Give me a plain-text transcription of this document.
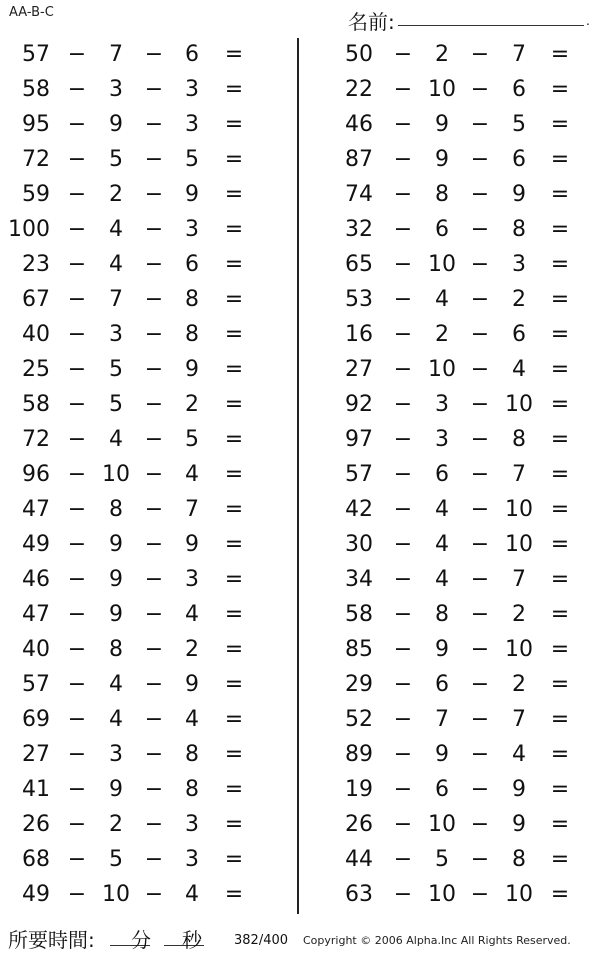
AA-B-C	名前:	.
57 −	7 − 6	=
58 −	3 − 3	=
95 −	9 − 3	=
72 −	5 − 5	=
59 −	2 − 9	=
100 −	4 − 3	=
23 −	4 − 6	=
67 −	7 − 8	=
40 −	3 − 8	=
25 −	5 − 9	=
58 −	5 − 2	=
72 −	4 − 5	=
96 − 10 − 4	=
47 −	8 − 7	=
49 −	9 − 9	=
46 −	9 − 3	=
47 −	9 − 4	=
40 −	8 − 2	=
57 −	4 − 9	=
69 −	4 − 4	=
27 −	3 − 8	=
41 −	9 − 8	=
26 −	2 − 3	=
68 −	5 − 3	=
49 − 10 − 4	=
50 −	2 −	7	=
22 − 10 −	6	=
46 −	9 −	5	=
87 −	9 −	6	=
74 −	8 −	9	=
32 −	6 −	8	=
65 − 10 −	3	=
53 −	4 −	2	=
16 −	2 −	6	=
27 − 10 −	4	=
92 −	3 − 10 =
97 −	3 −	8	=
57 −	6 −	7	=
42 −	4 − 10 =
30 −	4 − 10 =
34 −	4 −	7	=
58 −	8 −	2	=
85 −	9 − 10 =
29 −	6 −	2	=
52 −	7 −	7	=
89 −	9 −	4	=
19 −	6 −	9	=
26 − 10 −	9	=
44 −	5 −	8	=
63 − 10 − 10 =
所要時間: 分 秒 382/400 Copyright © 2006 Alpha.Inc All Rights Reserved.
